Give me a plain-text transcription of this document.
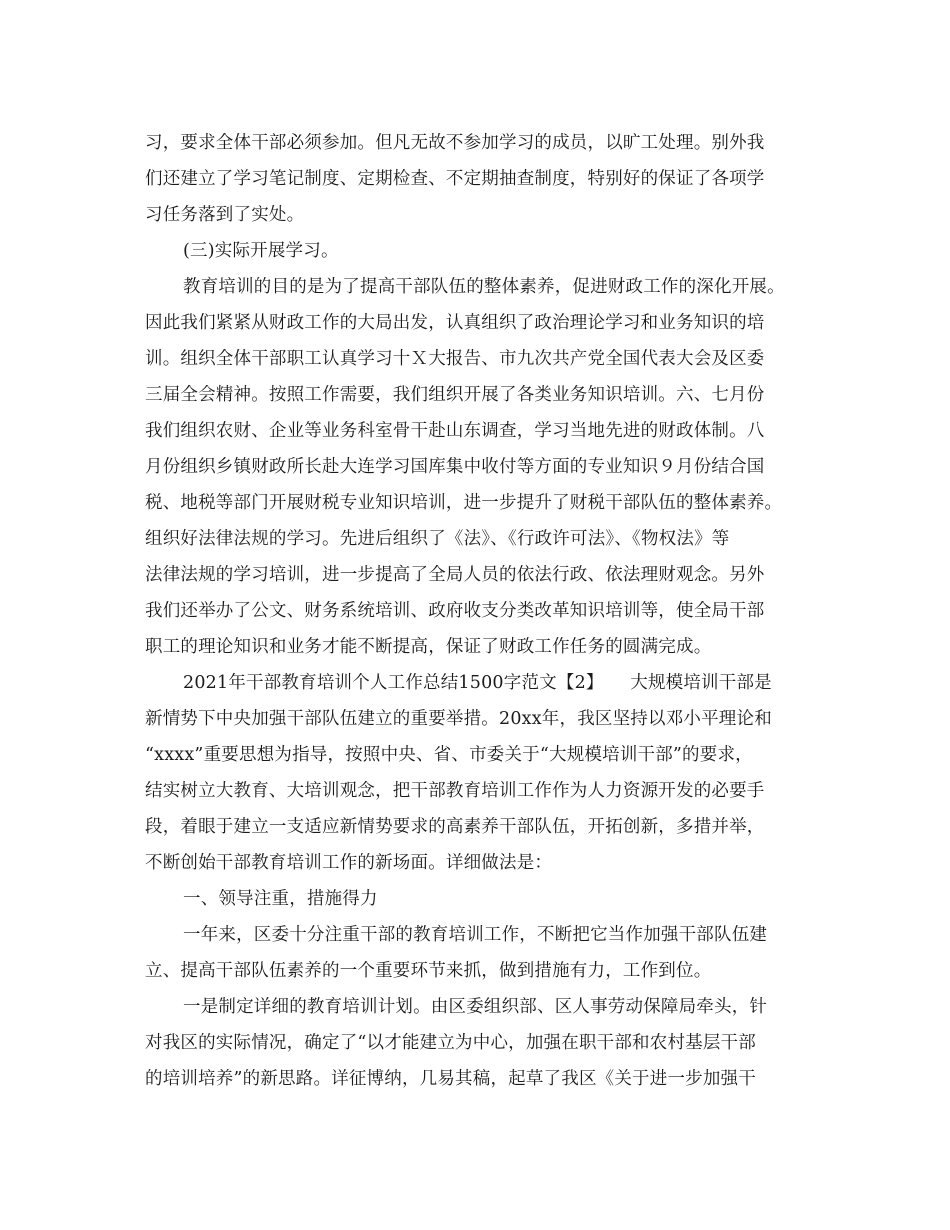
习，要求全体干部必须参加。但凡无故不参加学习的成员，以旷工处理。别外我
们还建立了学习笔记制度、定期检查、不定期抽查制度，特别好的保证了各项学
习任务落到了实处。
(三)实际开展学习。
教育培训的目的是为了提高干部队伍的整体素养，促进财政工作的深化开展。
因此我们紧紧从财政工作的大局出发，认真组织了政治理论学习和业务知识的培
训。组织全体干部职工认真学习十Ｘ大报告、市九次共产党全国代表大会及区委
三届全会精神。按照工作需要，我们组织开展了各类业务知识培训。六、七月份
我们组织农财、企业等业务科室骨干赴山东调查，学习当地先进的财政体制。八
月份组织乡镇财政所长赴大连学习国库集中收付等方面的专业知识９月份结合国
税、地税等部门开展财税专业知识培训，进一步提升了财税干部队伍的整体素养。
组织好法律法规的学习。先进后组织了《法》、《行政许可法》、《物权法》等
法律法规的学习培训，进一步提高了全局人员的依法行政、依法理财观念。另外
我们还举办了公文、财务系统培训、政府收支分类改革知识培训等，使全局干部
职工的理论知识和业务才能不断提高，保证了财政工作任务的圆满完成。
2021年干部教育培训个人工作总结1500字范文【2】　　大规模培训干部是
新情势下中央加强干部队伍建立的重要举措。20xx年，我区坚持以邓小平理论和
“xxxx”重要思想为指导，按照中央、省、市委关于“大规模培训干部”的要求，
结实树立大教育、大培训观念，把干部教育培训工作作为人力资源开发的必要手
段，着眼于建立一支适应新情势要求的高素养干部队伍，开拓创新，多措并举，
不断创始干部教育培训工作的新场面。详细做法是：
一、领导注重，措施得力
一年来，区委十分注重干部的教育培训工作，不断把它当作加强干部队伍建
立、提高干部队伍素养的一个重要环节来抓，做到措施有力，工作到位。
一是制定详细的教育培训计划。由区委组织部、区人事劳动保障局牵头，针
对我区的实际情况，确定了“以才能建立为中心，加强在职干部和农村基层干部
的培训培养”的新思路。详征博纳，几易其稿，起草了我区《关于进一步加强干
